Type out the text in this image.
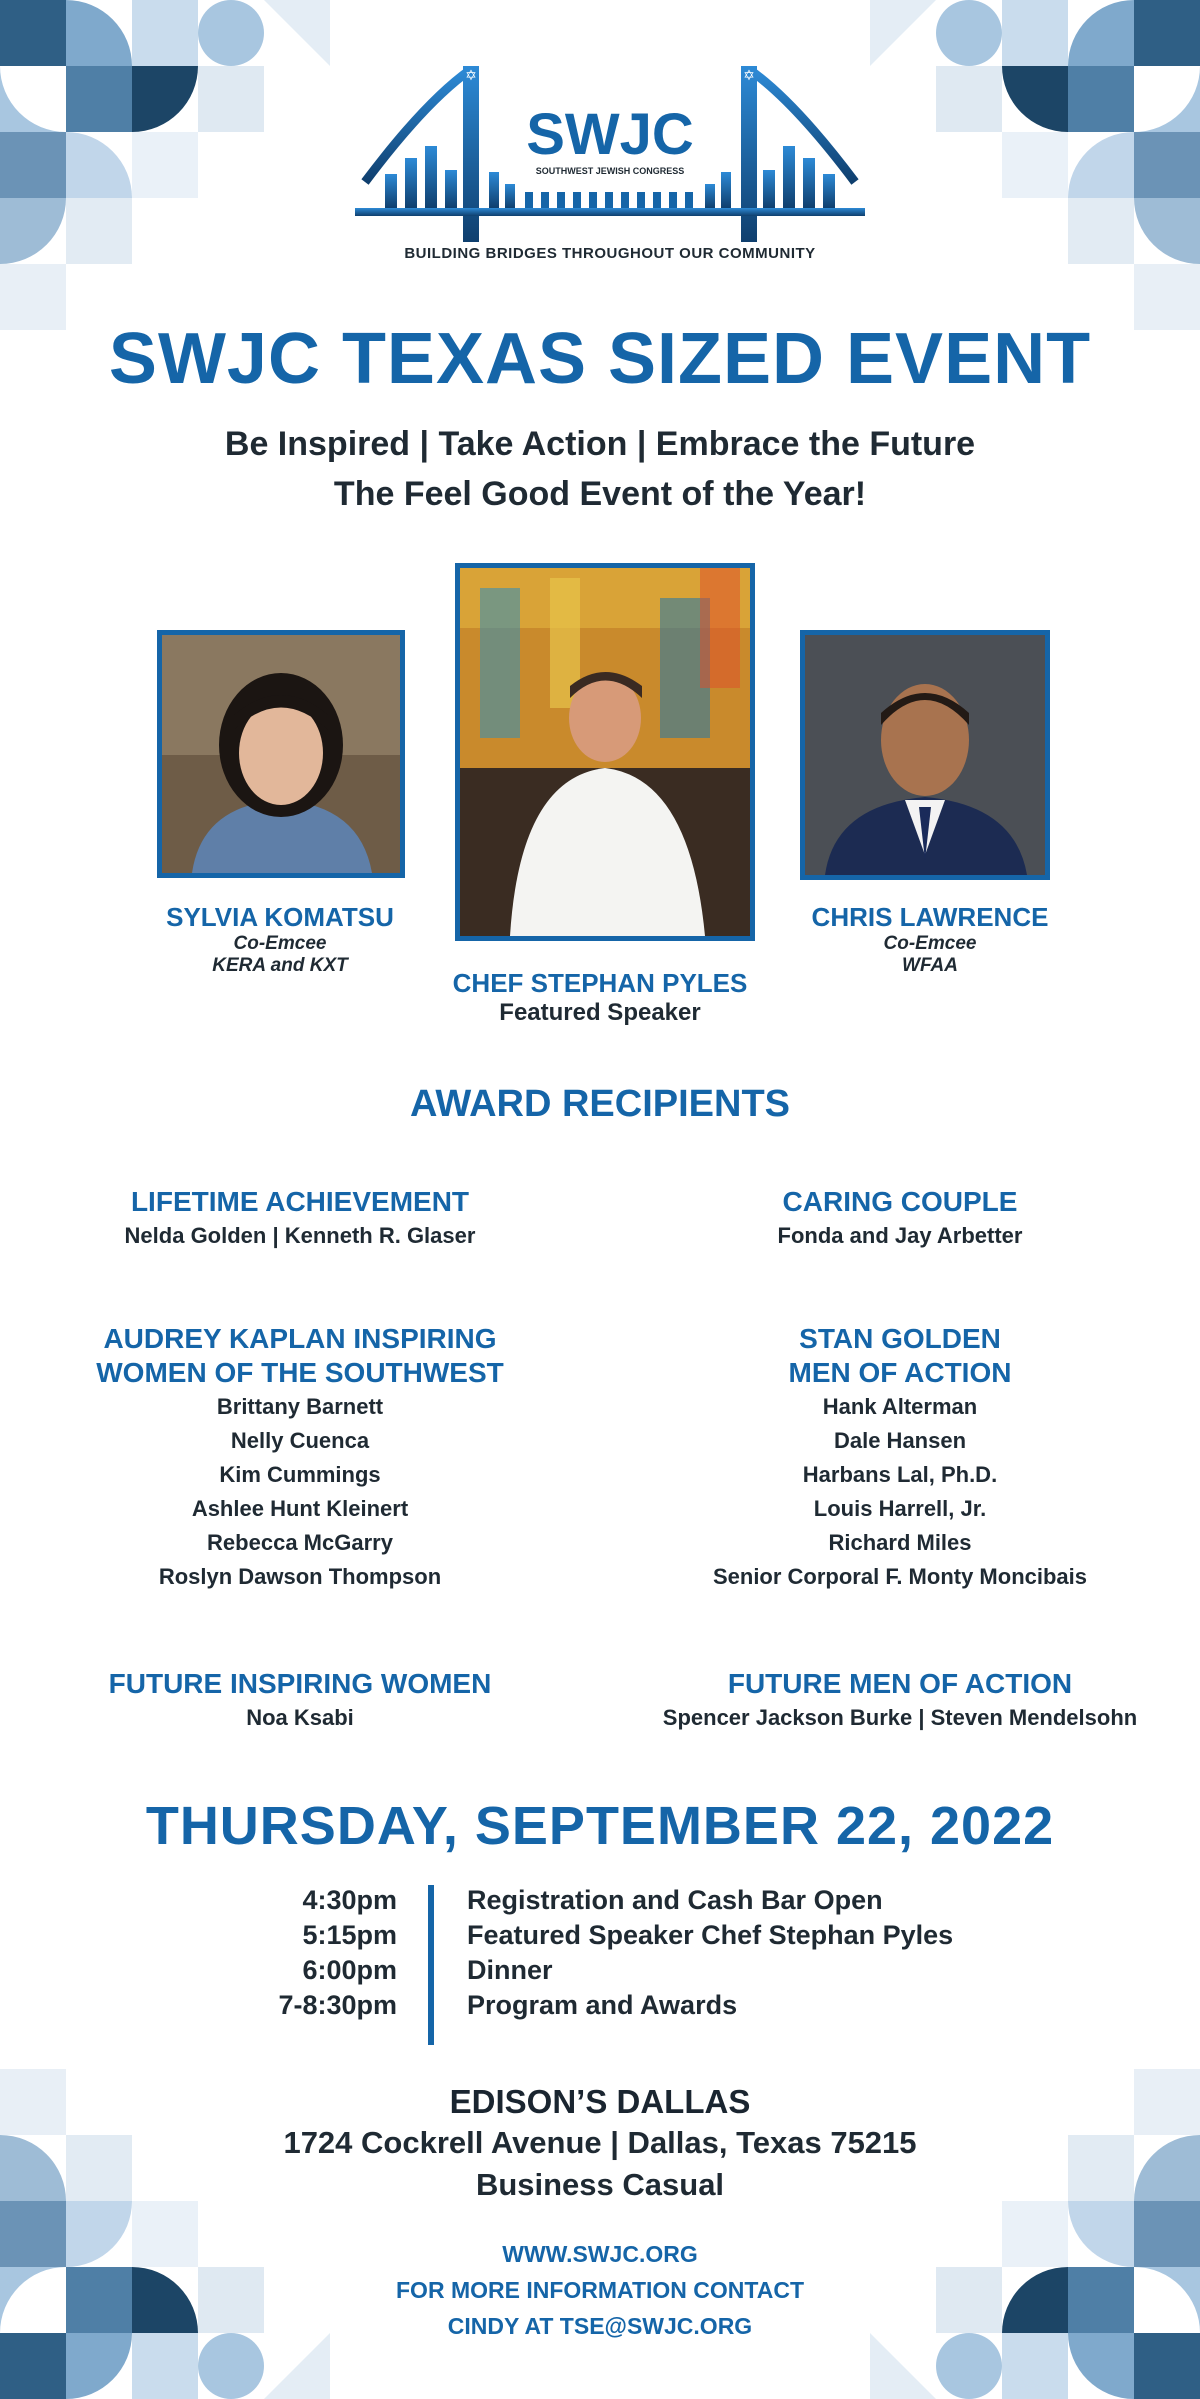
✡	✡
SWJC
SOUTHWEST JEWISH CONGRESS
BUILDING BRIDGES THROUGHOUT OUR COMMUNITY
SWJC TEXAS SIZED EVENT
Be Inspired | Take Action | Embrace the Future
The Feel Good Event of the Year!
SYLVIA KOMATSU
Co-Emcee
KERA and KXT
CHEF STEPHAN PYLES
Featured Speaker
CHRIS LAWRENCE
Co-Emcee
WFAA
AWARD RECIPIENTS
LIFETIME ACHIEVEMENT
Nelda Golden | Kenneth R. Glaser
CARING COUPLE
Fonda and Jay Arbetter
AUDREY KAPLAN INSPIRING
WOMEN OF THE SOUTHWEST
Brittany Barnett
Nelly Cuenca
Kim Cummings
Ashlee Hunt Kleinert
Rebecca McGarry
Roslyn Dawson Thompson
STAN GOLDEN
MEN OF ACTION
Hank Alterman
Dale Hansen
Harbans Lal, Ph.D.
Louis Harrell, Jr.
Richard Miles
Senior Corporal F. Monty Moncibais
FUTURE INSPIRING WOMEN
Noa Ksabi
FUTURE MEN OF ACTION
Spencer Jackson Burke | Steven Mendelsohn
THURSDAY, SEPTEMBER 22, 2022
4:30pm	Registration and Cash Bar Open
5:15pm	Featured Speaker Chef Stephan Pyles
6:00pm	Dinner
7-8:30pm	Program and Awards
EDISON’S DALLAS
1724 Cockrell Avenue | Dallas, Texas 75215
Business Casual
WWW.SWJC.ORG
FOR MORE INFORMATION CONTACT
CINDY AT TSE@SWJC.ORG
